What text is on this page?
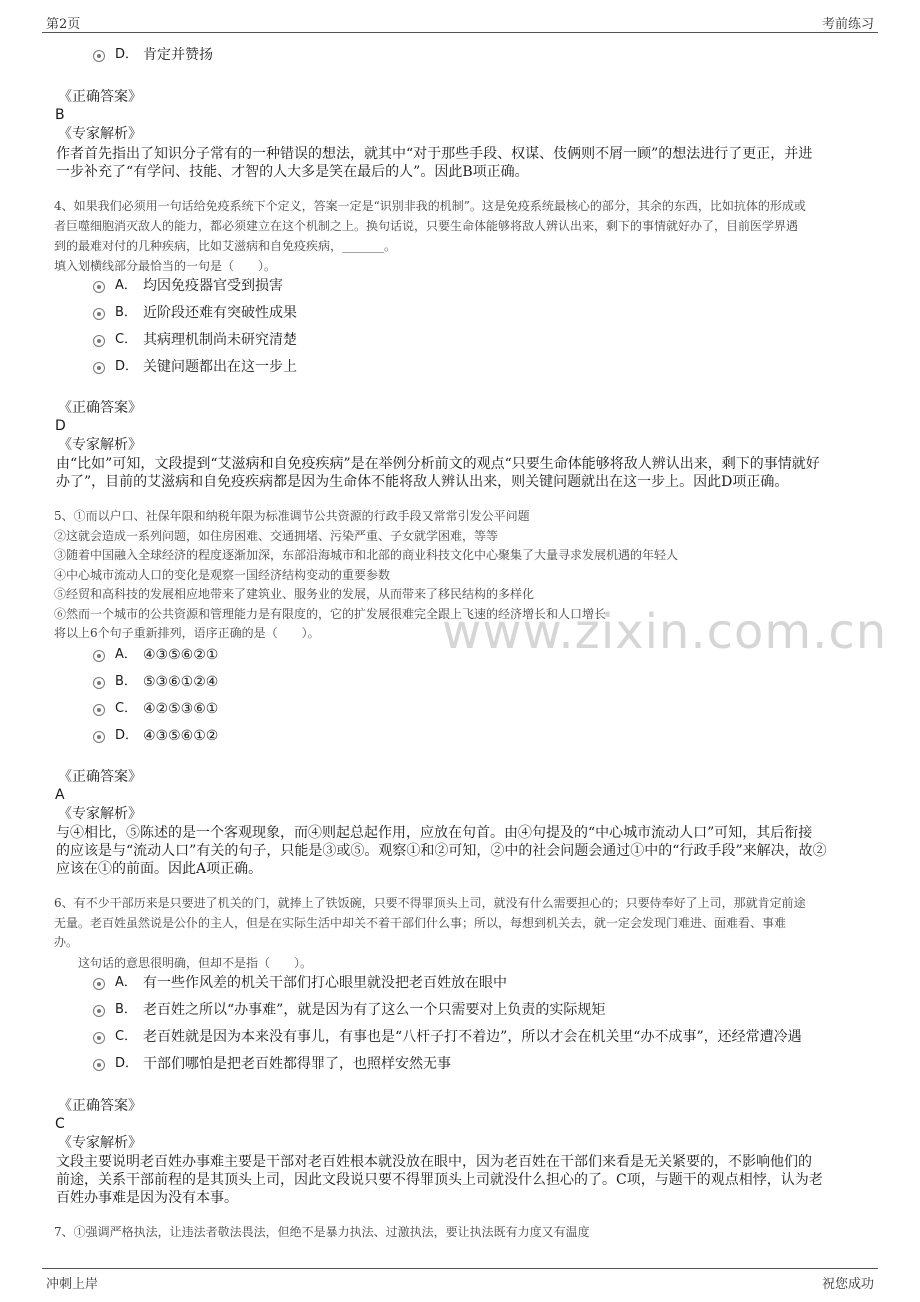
第2页	考前练习
www.zixin.com.cn
D． 肯定并赞扬
《正确答案》
B
《专家解析》
作者首先指出了知识分子常有的一种错误的想法，就其中“对于那些手段、权谋、伎俩则不屑一顾”的想法进行了更正，并进
一步补充了“有学问、技能、才智的人大多是笑在最后的人”。因此B项正确。
4、如果我们必须用一句话给免疫系统下个定义，答案一定是“识别非我的机制”。这是免疫系统最核心的部分，其余的东西，比如抗体的形成或
者巨噬细胞消灭敌人的能力，都必须建立在这个机制之上。换句话说，只要生命体能够将敌人辨认出来，剩下的事情就好办了，目前医学界遇
到的最难对付的几种疾病，比如艾滋病和自免疫疾病，_______。
填入划横线部分最恰当的一句是（　　）。
A． 均因免疫器官受到损害
B． 近阶段还难有突破性成果
C． 其病理机制尚未研究清楚
D． 关键问题都出在这一步上
《正确答案》
D
《专家解析》
由“比如”可知，文段提到“艾滋病和自免疫疾病”是在举例分析前文的观点“只要生命体能够将敌人辨认出来，剩下的事情就好
办了”，目前的艾滋病和自免疫疾病都是因为生命体不能将敌人辨认出来，则关键问题就出在这一步上。因此D项正确。
5、①而以户口、社保年限和纳税年限为标准调节公共资源的行政手段又常常引发公平问题
②这就会造成一系列问题，如住房困难、交通拥堵、污染严重、子女就学困难，等等
③随着中国融入全球经济的程度逐渐加深，东部沿海城市和北部的商业科技文化中心聚集了大量寻求发展机遇的年轻人
④中心城市流动人口的变化是观察一国经济结构变动的重要参数
⑤经贸和高科技的发展相应地带来了建筑业、服务业的发展，从而带来了移民结构的多样化
⑥然而一个城市的公共资源和管理能力是有限度的，它的扩发展很难完全跟上飞速的经济增长和人口增长
将以上6个句子重新排列，语序正确的是（　　）。
A． ④③⑤⑥②①
B． ⑤③⑥①②④
C． ④②⑤③⑥①
D． ④③⑤⑥①②
《正确答案》
A
《专家解析》
与④相比，⑤陈述的是一个客观现象，而④则起总起作用，应放在句首。由④句提及的“中心城市流动人口”可知，其后衔接
的应该是与“流动人口”有关的句子，只能是③或⑤。观察①和②可知，②中的社会问题会通过①中的“行政手段”来解决，故②
应该在①的前面。因此A项正确。
6、有不少干部历来是只要进了机关的门，就捧上了铁饭碗，只要不得罪顶头上司，就没有什么需要担心的；只要侍奉好了上司，那就肯定前途
无量。老百姓虽然说是公仆的主人，但是在实际生活中却关不着干部们什么事；所以，每想到机关去，就一定会发现门难进、面难看、事难
办。
　这句话的意思很明确，但却不是指（　　）。
A． 有一些作风差的机关干部们打心眼里就没把老百姓放在眼中
B． 老百姓之所以“办事难”，就是因为有了这么一个只需要对上负责的实际规矩
C． 老百姓就是因为本来没有事儿，有事也是“八杆子打不着边”，所以才会在机关里“办不成事”，还经常遭冷遇
D． 干部们哪怕是把老百姓都得罪了，也照样安然无事
《正确答案》
C
《专家解析》
文段主要说明老百姓办事难主要是干部对老百姓根本就没放在眼中，因为老百姓在干部们来看是无关紧要的，不影响他们的
前途，关系干部前程的是其顶头上司，因此文段说只要不得罪顶头上司就没什么担心的了。C项，与题干的观点相悖，认为老
百姓办事难是因为没有本事。
7、①强调严格执法，让违法者敬法畏法，但绝不是暴力执法、过激执法，要让执法既有力度又有温度
冲刺上岸	祝您成功
